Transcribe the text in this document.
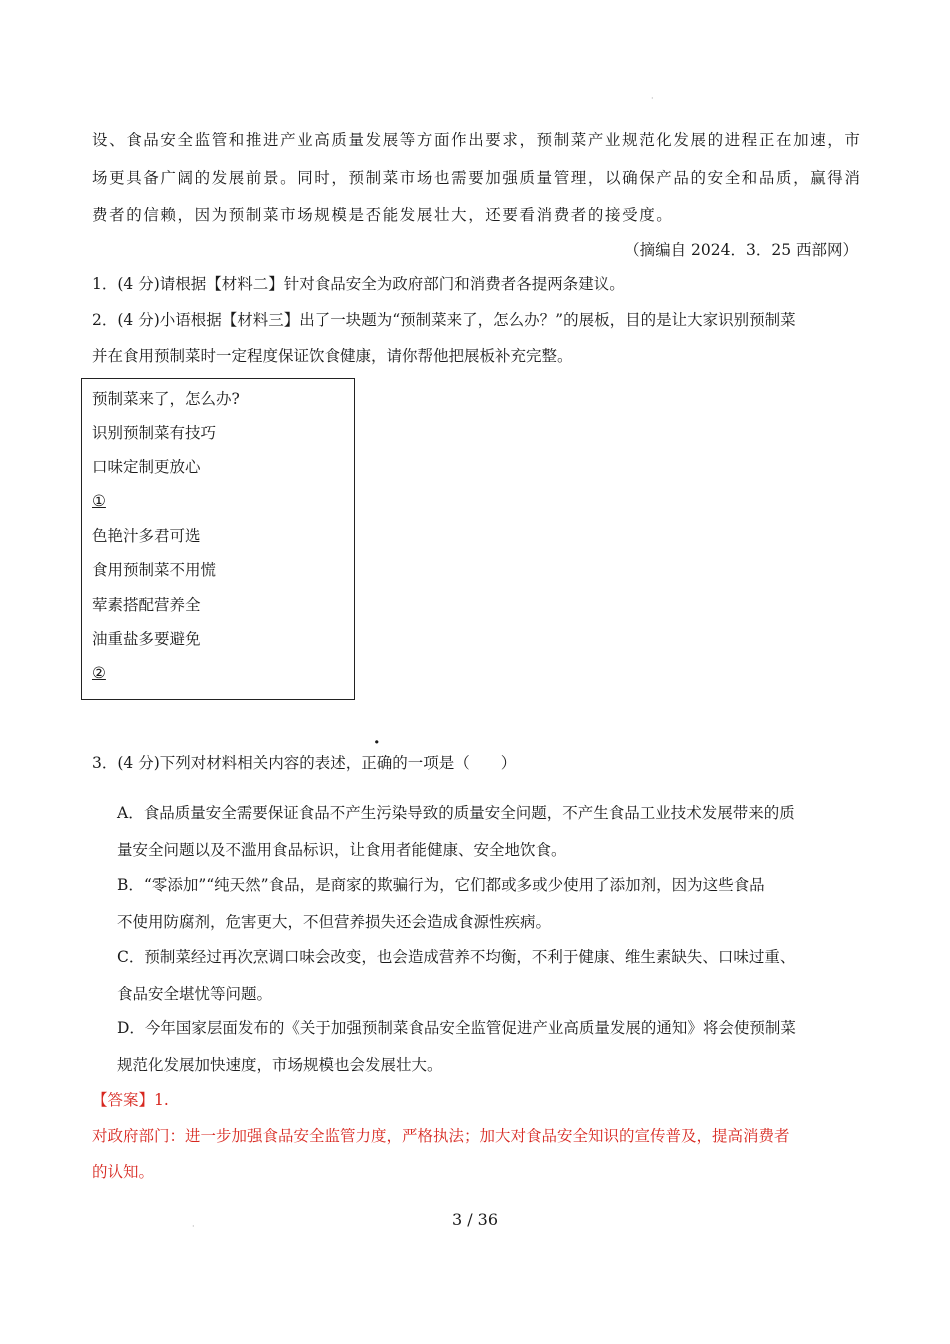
·
设、食品安全监管和推进产业高质量发展等方面作出要求，预制菜产业规范化发展的进程正在加速，市
场更具备广阔的发展前景。同时，预制菜市场也需要加强质量管理，以确保产品的安全和品质，赢得消
费者的信赖，因为预制菜市场规模是否能发展壮大，还要看消费者的接受度。
（摘编自 2024．3．25 西部网）
1．(4 分)请根据【材料二】针对食品安全为政府部门和消费者各提两条建议。
2．(4 分)小语根据【材料三】出了一块题为“预制菜来了，怎么办？”的展板，目的是让大家识别预制菜
并在食用预制菜时一定程度保证饮食健康，请你帮他把展板补充完整。
预制菜来了，怎么办?
识别预制菜有技巧
口味定制更放心
①
色艳汁多君可选
食用预制菜不用慌
荤素搭配营养全
油重盐多要避免
②
3．(4 分)下列对材料相关内容的表述，正确的一项是（　　）
A．食品质量安全需要保证食品不产生污染导致的质量安全问题，不产生食品工业技术发展带来的质
量安全问题以及不滥用食品标识，让食用者能健康、安全地饮食。
B．“零添加”“纯天然”食品，是商家的欺骗行为，它们都或多或少使用了添加剂，因为这些食品
不使用防腐剂，危害更大，不但营养损失还会造成食源性疾病。
C．预制菜经过再次烹调口味会改变，也会造成营养不均衡，不利于健康、维生素缺失、口味过重、
食品安全堪忧等问题。
D．今年国家层面发布的《关于加强预制菜食品安全监管促进产业高质量发展的通知》将会使预制菜
规范化发展加快速度，市场规模也会发展壮大。
【答案】1.
对政府部门：进一步加强食品安全监管力度，严格执法；加大对食品安全知识的宣传普及，提高消费者
的认知。
·	3 / 36
